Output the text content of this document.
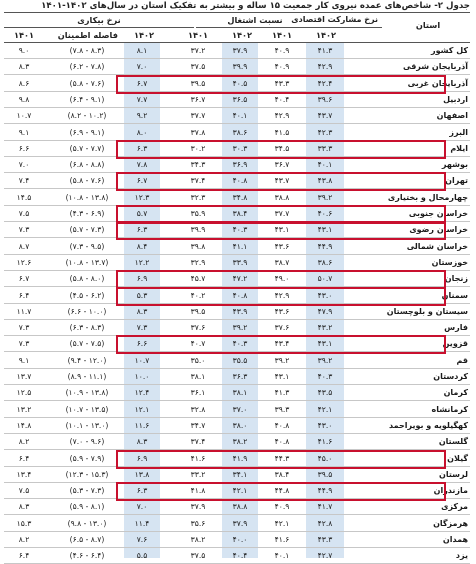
جدول ۲- شاخص‌های عمده نیروی کار جمعیت ۱۵ ساله و بیشتر به تفکیک استان در سال‌های ۱۴۰۲-۱۴۰۱
نرخ مشارکت اقتصادی
نسبت اشتغال
نرخ بیکاری	استان
۱۴۰۲
۱۴۰۱
۱۴۰۲
۱۴۰۱
۱۴۰۲
فاصله اطمینان
۱۴۰۱
کل کشور
۴۱.۳
۴۰.۹
۳۷.۹
۳۷.۲
۸.۱
(۷.۸ - ۸.۳)
۹.۰
آذربایجان شرقی
۴۲.۹
۴۰.۹
۳۹.۹
۳۷.۵
۷.۰
(۶.۲ - ۷.۸)
۸.۳
آذربایجان غربی
۴۲.۴
۴۳.۳
۴۰.۵
۳۹.۵
۶.۷
(۵.۸ - ۷.۶)
۸.۶
اردبیل
۳۹.۶
۴۰.۴
۳۶.۵
۳۶.۷
۷.۷
(۶.۴ - ۹.۱)
۹.۸
اصفهان
۴۳.۷
۴۲.۹
۴۰.۱
۳۷.۷
۹.۲
(۸.۲ - ۱۰.۲)
۱۰.۷
البرز
۴۲.۳
۴۱.۵
۳۸.۶
۳۷.۸
۸.۰
(۶.۹ - ۹.۱)
۹.۱
ایلام
۳۳.۳
۳۴.۵
۳۰.۳
۳۰.۲
۶.۳
(۵.۷ - ۷.۷)
۶.۶
بوشهر
۴۰.۱
۳۶.۷
۳۶.۹
۳۴.۳
۷.۸
(۶.۸ - ۸.۸)
۷.۰
تهران
۴۳.۸
۴۳.۷
۴۰.۸
۳۷.۴
۶.۷
(۵.۸ - ۷.۶)
۷.۴
چهارمحال و بختیاری
۳۹.۲
۳۸.۸
۳۴.۸
۳۲.۳
۱۲.۳
(۱۰.۸ - ۱۳.۸)
۱۴.۵
خراسان جنوبی
۴۰.۶
۳۷.۷
۳۸.۴
۳۵.۹
۵.۷
(۴.۳ - ۶.۹)
۷.۵
خراسان رضوی
۴۳.۱
۴۳.۱
۴۰.۳
۳۹.۹
۶.۳
(۵.۷ - ۷.۳)
۷.۳
خراسان شمالی
۴۴.۹
۴۳.۶
۴۱.۱
۳۹.۸
۸.۴
(۷.۳ - ۹.۵)
۸.۷
خوزستان
۳۸.۶
۳۸.۷
۳۳.۹
۳۲.۹
۱۲.۲
(۱۰.۸ - ۱۳.۷)
۱۲.۶
زنجان
۵۰.۷
۴۹.۰
۴۷.۲
۴۵.۷
۶.۹
(۵.۸ - ۸.۰)
۶.۷
سمنان
۴۳.۰
۴۲.۹
۴۰.۸
۴۰.۲
۵.۳
(۴.۵ - ۶.۲)
۶.۴
سیستان و بلوچستان
۴۷.۹
۴۳.۶
۴۳.۹
۳۹.۵
۸.۳
(۶.۶ - ۱۰.۰)
۱۱.۷
فارس
۴۳.۲
۳۷.۶
۳۹.۲
۳۷.۶
۷.۳
(۶.۳ - ۸.۳)
۷.۳
قزوین
۴۳.۱
۴۳.۴
۴۰.۳
۴۰.۷
۶.۶
(۵.۷ - ۷.۵)
۷.۳
قم
۳۹.۲
۳۹.۲
۳۵.۵
۳۵.۰
۱۰.۷
(۹.۴ - ۱۲.۰)
۹.۱
کردستان
۴۰.۳
۴۳.۱
۳۶.۳
۳۸.۱
۱۰.۰
(۸.۹ - ۱۱.۱)
۱۳.۷
کرمان
۴۳.۵
۴۱.۳
۳۸.۱
۳۶.۱
۱۲.۴
(۱۰.۹ - ۱۳.۸)
۱۲.۵
کرمانشاه
۴۲.۱
۳۹.۳
۳۷.۰
۳۲.۸
۱۲.۱
(۱۰.۷ - ۱۳.۵)
۱۳.۲
کهگیلویه و بویراحمد
۴۳.۰
۴۰.۸
۳۸.۰
۳۴.۷
۱۱.۶
(۱۰.۱ - ۱۳.۰)
۱۴.۸
گلستان
۴۱.۶
۴۰.۸
۳۸.۲
۳۷.۴
۸.۳
(۷.۰ - ۹.۶)
۸.۲
گیلان
۴۵.۰
۴۴.۳
۴۱.۹
۴۱.۶
۶.۹
(۵.۹ - ۷.۹)
۶.۴
لرستان
۳۹.۵
۳۸.۴
۳۴.۱
۳۳.۲
۱۳.۸
(۱۲.۳ - ۱۵.۳)
۱۳.۴
مازندران
۴۴.۹
۴۴.۸
۴۲.۱
۴۱.۸
۶.۳
(۵.۳ - ۷.۳)
۷.۵
مرکزی
۴۱.۷
۴۰.۹
۳۸.۸
۳۷.۹
۷.۰
(۵.۹ - ۸.۱)
۸.۳
هرمزگان
۴۲.۸
۴۲.۱
۳۷.۹
۳۵.۶
۱۱.۴
(۹.۸ - ۱۳.۰)
۱۵.۳
همدان
۴۳.۳
۴۱.۶
۴۰.۰
۳۸.۲
۷.۶
(۶.۵ - ۸.۷)
۸.۲
یزد
۴۲.۷
۴۰.۱
۴۰.۴
۳۷.۵
۵.۵
(۴.۶ - ۶.۴)
۶.۴
